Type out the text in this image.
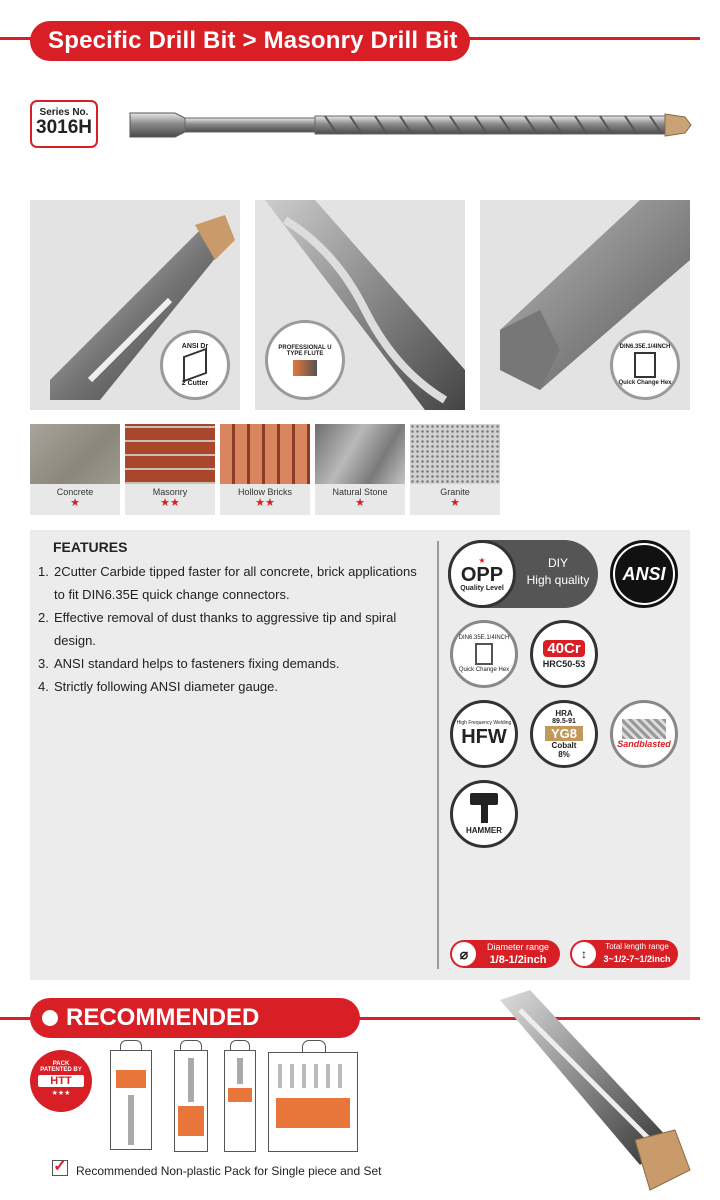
Specific Drill Bit > Masonry Drill Bit
Series No.
3016H
ANSI Dr
2 Cutter
PROFESSIONAL U TYPE FLUTE
DIN6.35E.1/4INCH
Quick Change Hex
Concrete
★
Masonry
★★
Hollow Bricks
★★
Natural Stone
★
Granite
★
FEATURES
1. 2Cutter Carbide tipped faster for all concrete, brick applications to fit DIN6.35E quick change connectors.
2. Effective removal of dust thanks to aggressive tip and spiral design.
3. ANSI standard helps to fasteners fixing demands.
4. Strictly following ANSI diameter gauge.
★
OPP
Quality Level
DIY
High quality	ANSI
DIN6.35E.1/4INCH
Quick Change Hex
40Cr
HRC50-53
High Frequency Welding
HFW
HRA
89.5-91
YG8
Cobalt
8%
Sandblasted
HAMMER
⌀	Diameter range
1/8-1/2inch	↕
Total length range
3~1/2-7~1/2inch
RECOMMENDED
PACK
PATENTED BY
HTT
★★★
✓ Recommended Non-plastic Pack for Single piece and Set
